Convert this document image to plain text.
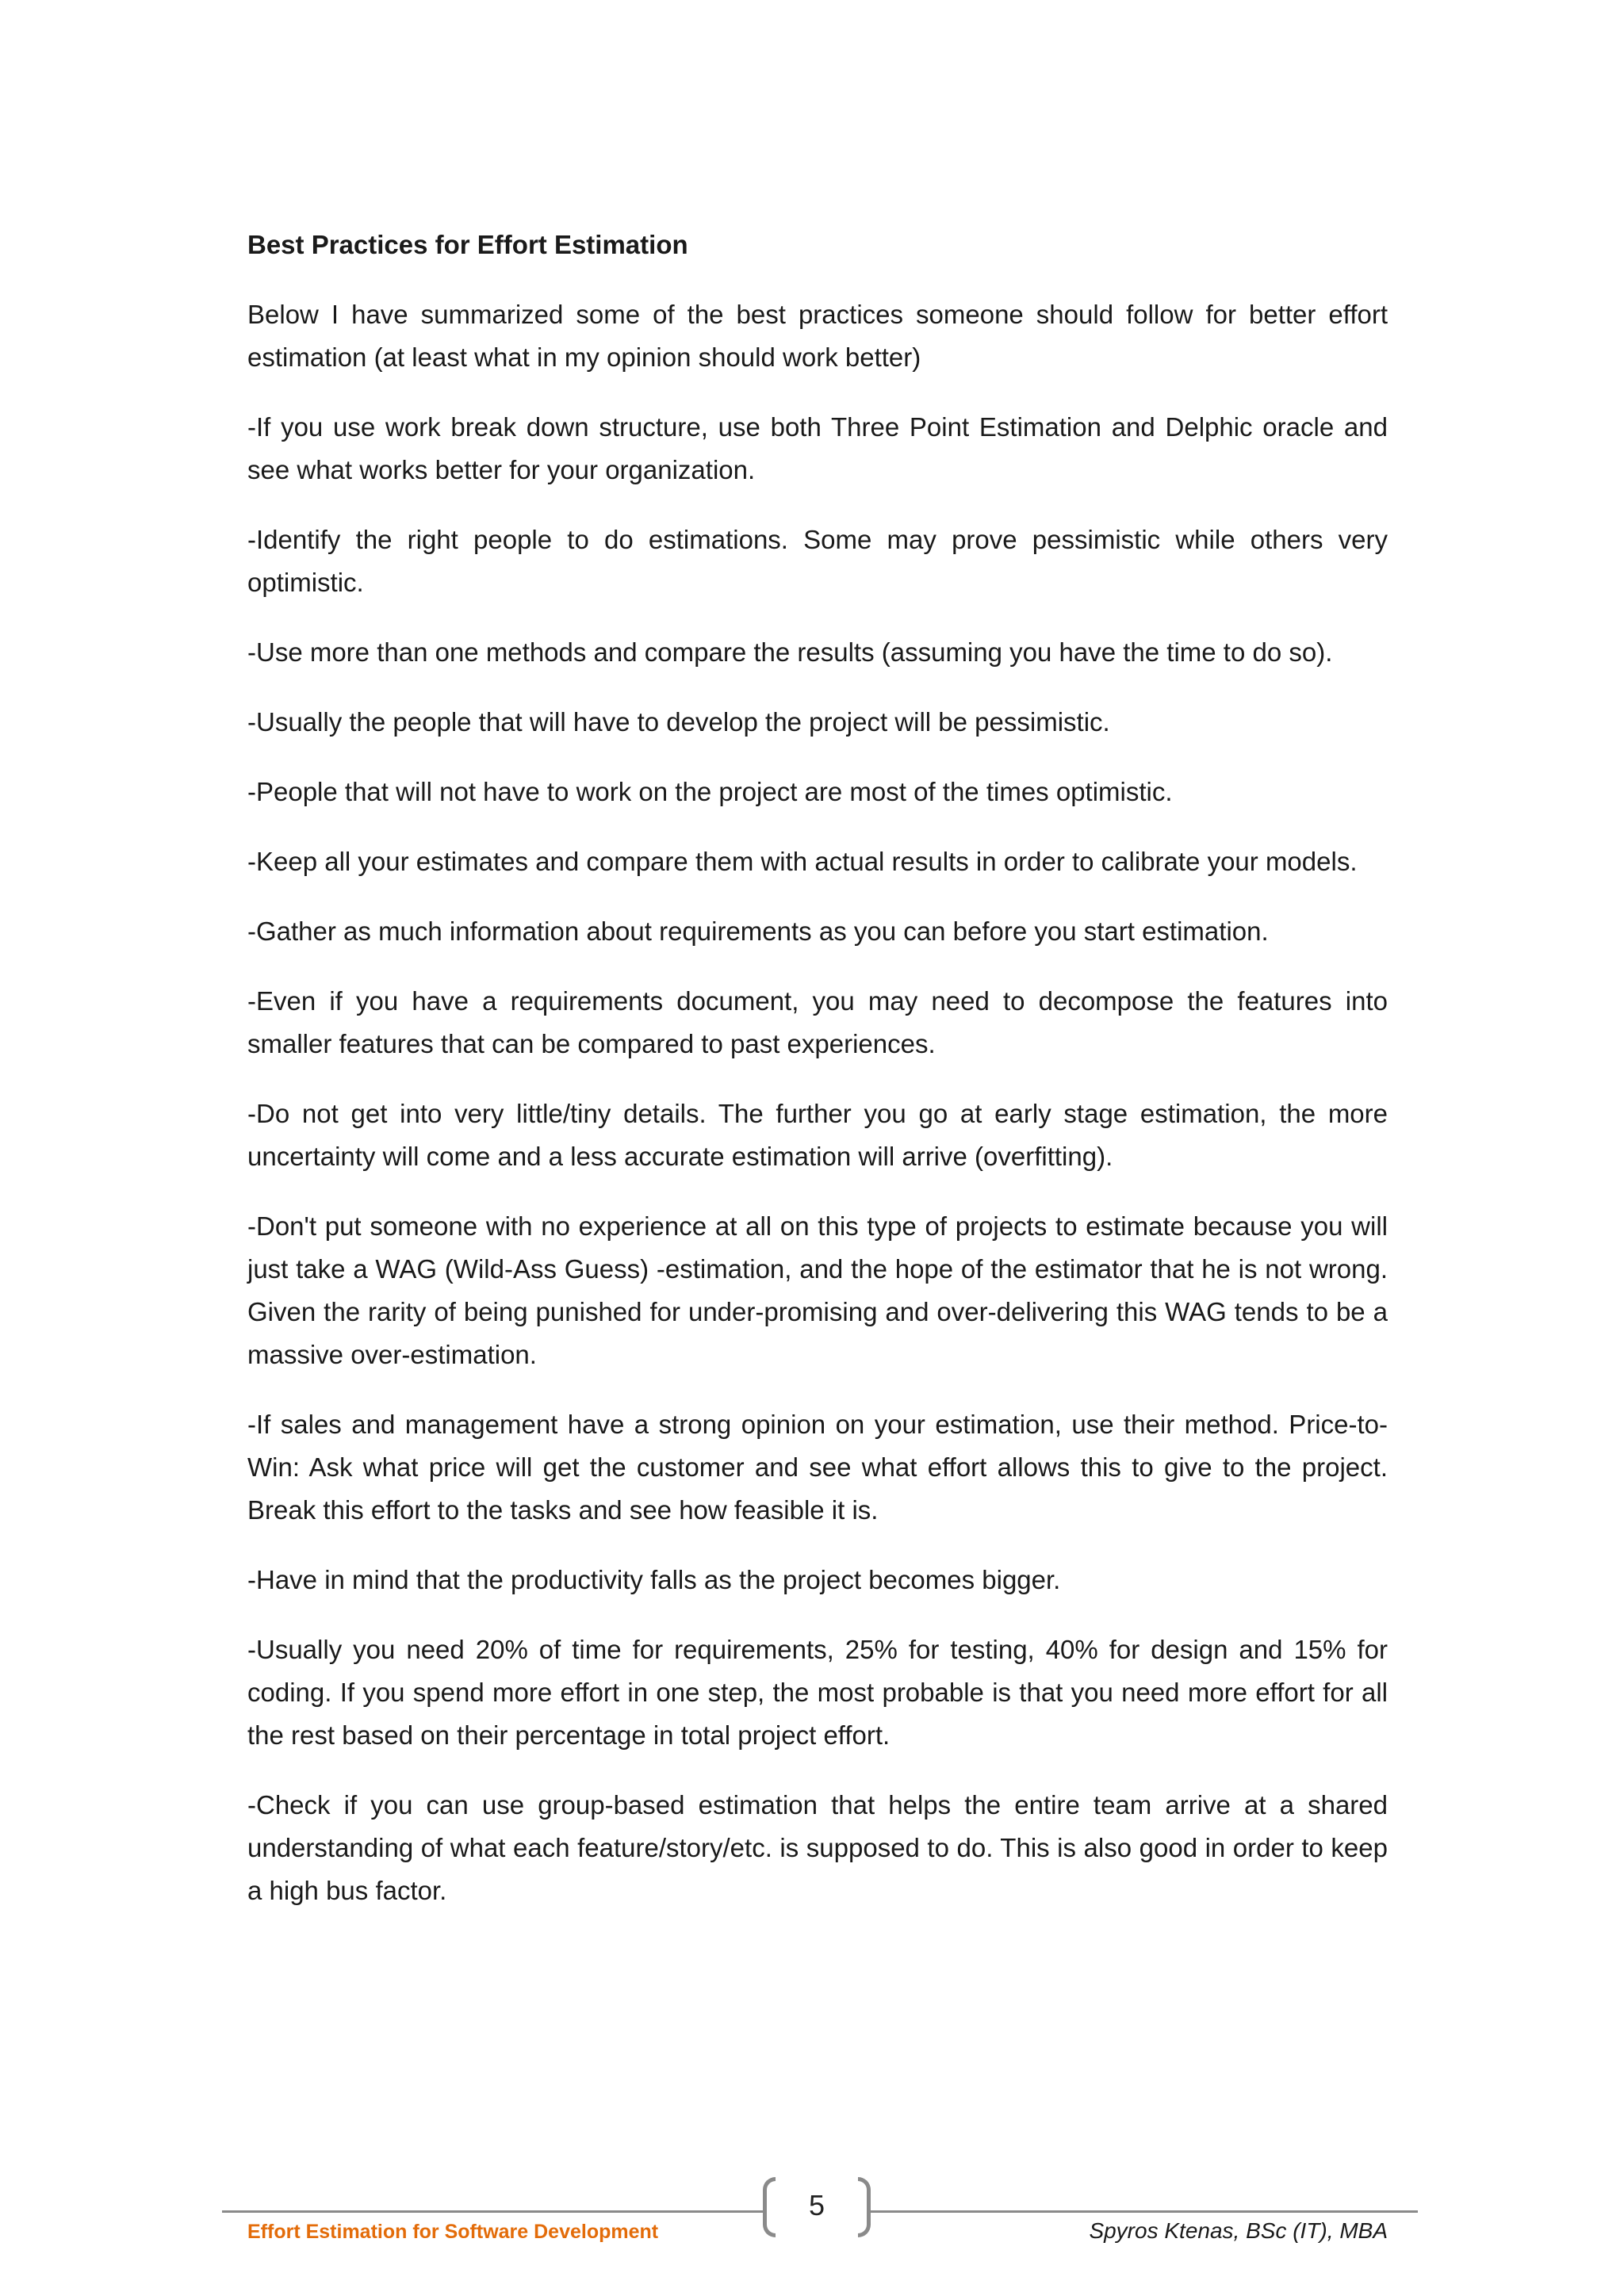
Best Practices for Effort Estimation

Below I have summarized some of the best practices someone should follow for better effort estimation (at least what in my opinion should work better)

-If you use work break down structure, use both Three Point Estimation and Delphic oracle and see what works better for your organization.

-Identify the right people to do estimations. Some may prove pessimistic while others very optimistic.

-Use more than one methods and compare the results (assuming you have the time to do so).

-Usually the people that will have to develop the project will be pessimistic.

-People that will not have to work on the project are most of the times optimistic.

-Keep all your estimates and compare them with actual results in order to calibrate your models.

-Gather as much information about requirements as you can before you start estimation.

-Even if you have a requirements document, you may need to decompose the features into smaller features that can be compared to past experiences.

-Do not get into very little/tiny details. The further you go at early stage estimation, the more uncertainty will come and a less accurate estimation will arrive (overfitting).

-Don't put someone with no experience at all on this type of projects to estimate because you will just take a WAG (Wild-Ass Guess) -estimation, and the hope of the estimator that he is not wrong. Given the rarity of being punished for under-promising and over-delivering this WAG tends to be a massive over-estimation.

-If sales and management have a strong opinion on your estimation, use their method. Price-to-Win: Ask what price will get the customer and see what effort allows this to give to the project. Break this effort to the tasks and see how feasible it is.

-Have in mind that the productivity falls as the project becomes bigger.

-Usually you need 20% of time for requirements, 25% for testing, 40% for design and 15% for coding. If you spend more effort in one step, the most probable is that you need more effort for all the rest based on their percentage in total project effort.

-Check if you can use group-based estimation that helps the entire team arrive at a shared understanding of what each feature/story/etc. is supposed to do. This is also good in order to keep a high bus factor.

5
Effort Estimation for Software Development	Spyros Ktenas, BSc (IT), MBA
